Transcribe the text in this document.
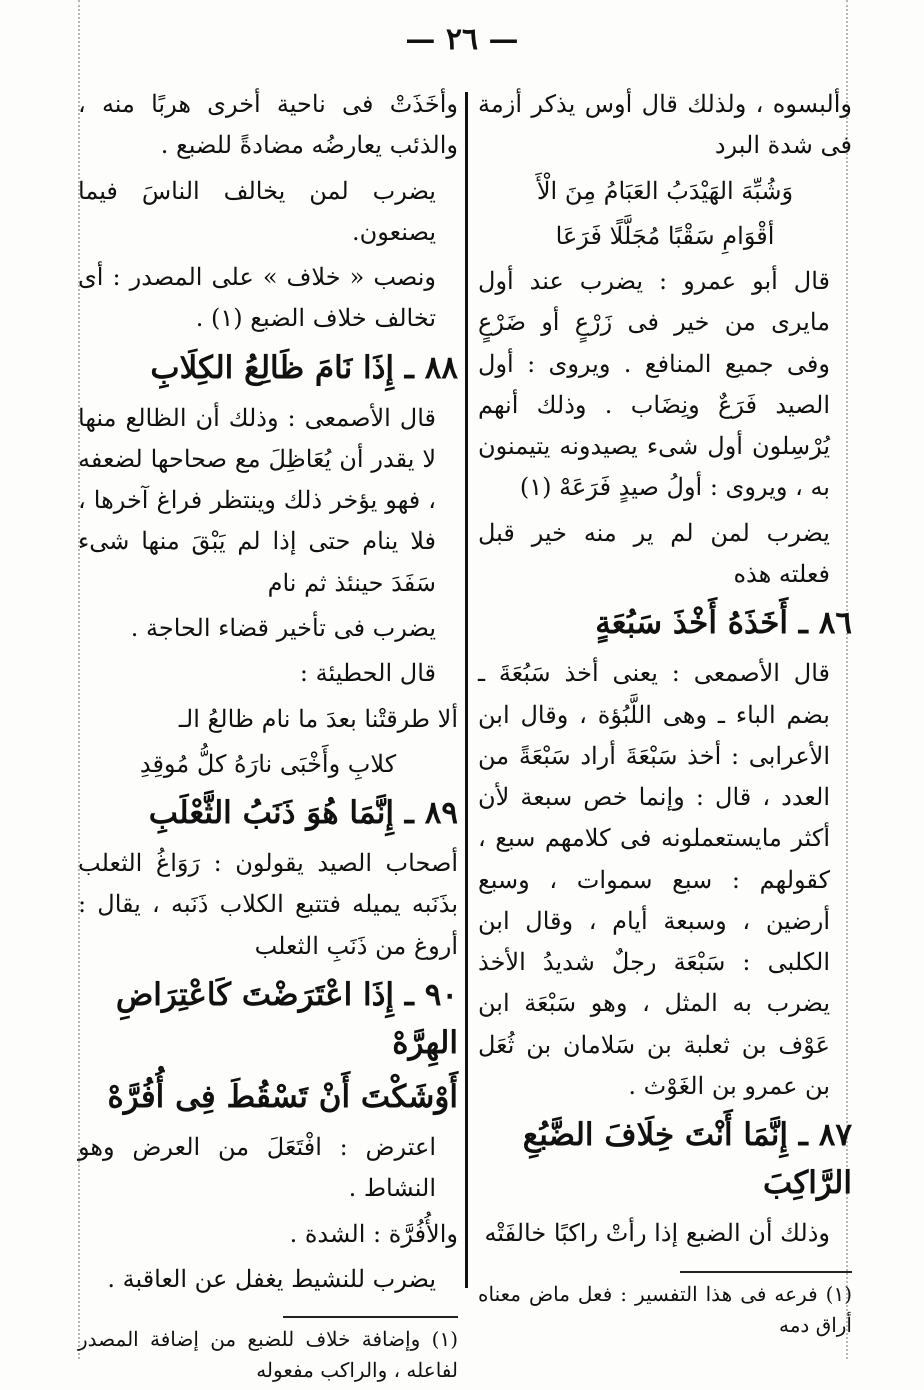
— ٢٦ —

وألبسوه ، ولذلك قال أوس يذكر أزمة فى شدة البرد

وَشُبِّهَ الهَيْدَبُ العَبَامُ مِنَ الْأَ

أقْوَامِ سَقْبًا مُجَلَّلًا فَرَعَا

قال أبو عمرو : يضرب عند أول مايرى من خير فى زَرْعٍ أو ضَرْعٍ وفى جميع المنافع . ويروى : أول الصيد فَرَعٌ ونِضَاب . وذلك أنهم يُرْسِلون أول شىء يصيدونه يتيمنون به ، ويروى : أولُ صيدٍ فَرَعَهْ (١)

يضرب لمن لم ير منه خير قبل فعلته هذه

٨٦ ـ أَخَذَهُ أَخْذَ سَبُعَةٍ

قال الأصمعى : يعنى أخذ سَبُعَةَ ـ بضم الباء ـ وهى اللَّبُؤة ، وقال ابن الأعرابى : أخذ سَبْعَةَ أراد سَبْعَةً من العدد ، قال : وإنما خص سبعة لأن أكثر مايستعملونه فى كلامهم سبع ، كقولهم : سبع سموات ، وسبع أرضين ، وسبعة أيام ، وقال ابن الكلبى : سَبْعَة رجلٌ شديدُ الأخذ يضرب به المثل ، وهو سَبْعَة ابن عَوْف بن ثعلبة بن سَلامان بن ثُعَل بن عمرو بن الغَوْث .

٨٧ ـ إِنَّمَا أَنْتَ خِلَافَ الضَّبُعِ الرَّاكِبَ

وذلك أن الضبع إذا رأتْ راكبًا خالفَتْه

(١) فرعه فى هذا التفسير : فعل ماض معناه أراق دمه

وأخَذَتْ فى ناحية أخرى هربًا منه ، والذئب يعارضُه مضادةً للضبع .

يضرب لمن يخالف الناسَ فيما يصنعون.

ونصب « خلاف » على المصدر : أى تخالف خلاف الضبع (١) .

٨٨ ـ إِذَا نَامَ ظَالِعُ الكِلَابِ

قال الأصمعى : وذلك أن الظالع منها لا يقدر أن يُعَاظِلَ مع صحاحها لضعفه ، فهو يؤخر ذلك وينتظر فراغ آخرها ، فلا ينام حتى إذا لم يَبْقَ منها شىء سَفَدَ حينئذ ثم نام

يضرب فى تأخير قضاء الحاجة .

قال الحطيئة :

ألا طرقتْنا بعدَ ما نام ظالعُ الـ

كلابِ وأَخْبَى نارَهُ كلُّ مُوقِدِ

٨٩ ـ إِنَّمَا هُوَ ذَنَبُ الثَّعْلَبِ

أصحاب الصيد يقولون : رَوَاغُ الثعلب بذَنَبه يميله فتتبع الكلاب ذَنَبه ، يقال : أروغ من ذَنَبِ الثعلب

٩٠ ـ إِذَا اعْتَرَضْتَ كَاعْتِرَاضِ الهِرَّهْ
أَوْشَكْتَ أَنْ تَسْقُطَ فِى أُفُرَّهْ

اعترض : افْتَعَلَ من العرض وهو النشاط .

والأُفُرَّة : الشدة .

يضرب للنشيط يغفل عن العاقبة .

(١) وإضافة خلاف للضبع من إضافة المصدر لفاعله ، والراكب مفعوله
